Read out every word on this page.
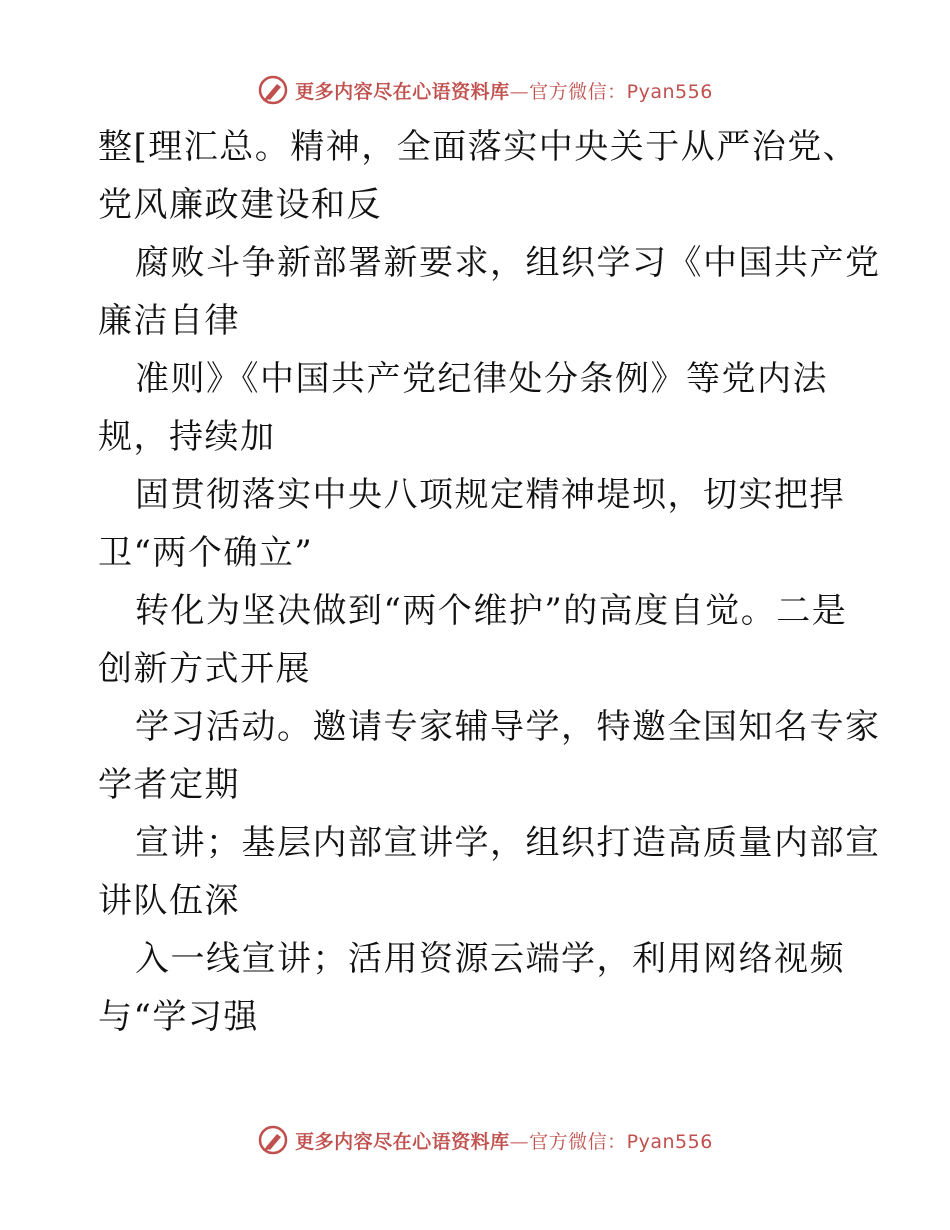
更多内容尽在心语资料库—官方微信：Pyan556
整[理汇总。精神，全面落实中央关于从严治党、
党风廉政建设和反
腐败斗争新部署新要求，组织学习《中国共产党
廉洁自律
准则》《中国共产党纪律处分条例》等党内法
规，持续加
固贯彻落实中央八项规定精神堤坝，切实把捍
卫“两个确立”
转化为坚决做到“两个维护”的高度自觉。二是
创新方式开展
学习活动。邀请专家辅导学，特邀全国知名专家
学者定期
宣讲；基层内部宣讲学，组织打造高质量内部宣
讲队伍深
入一线宣讲；活用资源云端学，利用网络视频
与“学习强
更多内容尽在心语资料库—官方微信：Pyan556
